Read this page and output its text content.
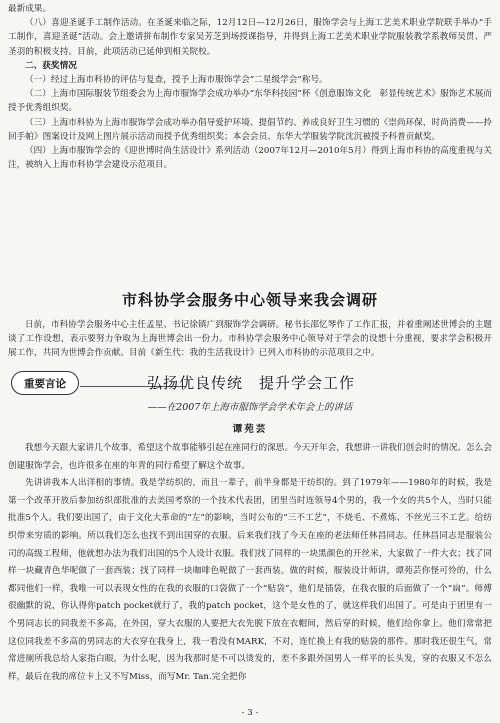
最新成果。

（八）喜迎圣诞手工制作活动。在圣诞来临之际，12月12日—12月26日，服饰学会与上海工艺美术职业学院联手举办“手工制作，喜迎圣诞”活动。会上邀请拼布制作专家吴芳芝到场授课指导，并得到上海工艺美术职业学院服装教学系教师吴贯、严圣羽的积极支持。目前，此项活动已延伸到相关院校。

二、获奖情况

（一）经过上海市科协的评估与复查，授予上海市服饰学会“二星级学会”称号。

（二）上海市国际服装节组委会为上海市服饰学会成功举办“东华科技园”杯《创意服饰文化　彰显传统艺术》服饰艺术展而授予优秀组织奖。

（三）上海市科协为上海市服饰学会成功举办倡导爱护环境、提倡节约、养成良好卫生习惯的《崇尚环保，时尚消费——拎回手帕》图案设计及网上图片展示活动而授予优秀组织奖；本会会员、东华大学服装学院沈沉被授予科普贡献奖。

（四）上海市服饰学会的《迎世博时尚生活设计》系列活动（2007年12月—2010年5月）得到上海市科协的高度重视与关注，被纳入上海市科协学会建设示范项目。

市科协学会服务中心领导来我会调研

日前，市科协学会服务中心主任孟星、书记徐镇广到服饰学会调研。秘书长邵忆琴作了工作汇报，并着重阐述世博会的主题谈了工作设想，表示要努力争取为上海世博会出一份力。市科协学会服务中心领导对于学会的设想十分重视，要求学会积极开展工作，共同为世博会作贡献。目前《新生代：我的生活我设计》已列入市科协的示范项目之中。

重要言论	弘扬优良传统　提升学会工作
——在2007年上海市服饰学会学术年会上的讲话
谭苑芸

我想今天跟大家讲几个故事，希望这个故事能够引起在座同行的深思。今天开年会，我想讲一讲我们创会时的情况。怎么会创建服饰学会，也许很多在座的年青的同行希望了解这个故事。

先讲讲我本人出洋相的事情。我是学纺织的，而且一辈子，前半身都是干纺织的。到了1979年——1980年的时候，我是第一个改革开放后参加纺织部批准的去美国考察的一个技术代表团，团里当时连领导4个男的，我一个女的共5个人，当时只能批准5个人。我们要出国了，由于文化大革命的“左”的影响，当时公布的“三不工艺”，不烧毛、不煮炼、不丝光三不工艺。给纺织带来穷质的影响。所以我们怎么也找不到出国穿的衣服。后来我们找了今天在座的老法师任林昌同志。任林昌同志是服装公司的高级工程师，他就想办法为我们出国的5个人设计衣服。我们找了同样的一块黑颜色的开丝米，大家做了一件大衣；找了同样一块藏青色华呢做了一套西装；找了同样一块咖啡色呢做了一套西装。做的时候，服装设计师讲，谭苑芸你怪可怜的，什么都同他们一样，我唯一可以表现女性的在我的衣服的口袋做了一个“贴袋”，他们是插袋，在我衣服的后面做了一个“扁”。师傅很幽默的说，你认得你patch pocket就行了，我的patch pocket，这个是女性的了，就这样我们出国了。可是由于团里有一个男同志长的同我差不多高，在外国，穿大衣服的人要把大衣先脱下放在衣帽间，然后穿的时候，他们给你拿上。他们常常把这位同我差不多高的男同志的大衣穿在我身上，我一看没有MARK，不对，连忙换上有我的贴袋的那件。那时我还很生气，常常进厕所我总给人家指白眼，为什么呢，因为我那时是不可以烫发的，差不多跟外国男人一样平的长头发，穿的衣服又不怎么样，最后在我的席位卡上又不写Miss，而写Mr. Tan.完全把你

- 3 -
